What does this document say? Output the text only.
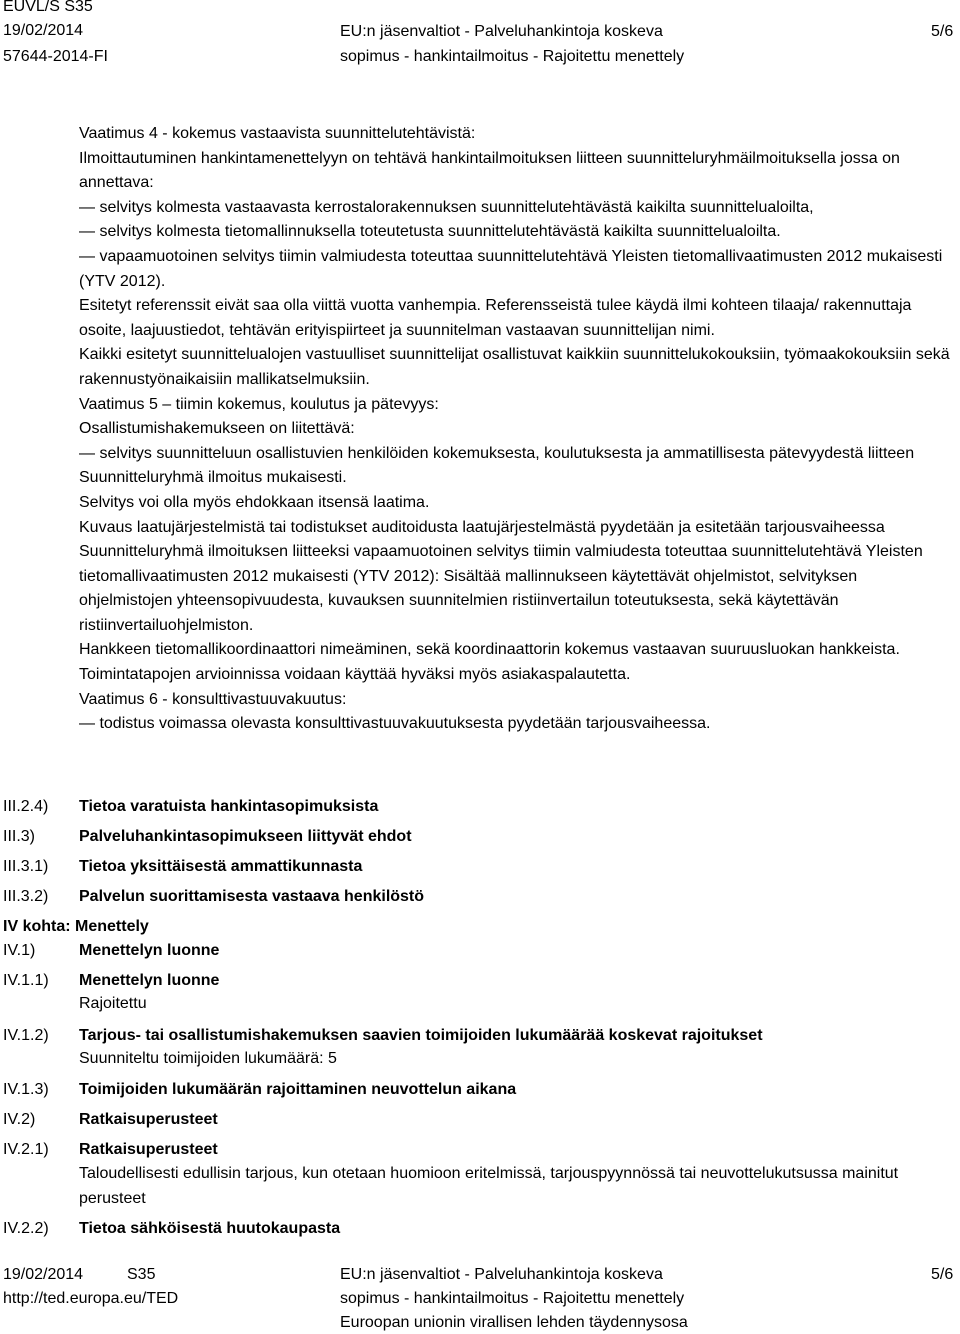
EUVL/S S35
19/02/2014
57644-2014-FI
EU:n jäsenvaltiot - Palveluhankintoja koskeva
sopimus - hankintailmoitus - Rajoitettu menettely
5/6

Vaatimus 4 - kokemus vastaavista suunnittelutehtävistä:

Ilmoittautuminen hankintamenettelyyn on tehtävä hankintailmoituksen liitteen suunnitteluryhmäilmoituksella jossa on annettava:

— selvitys kolmesta vastaavasta kerrostalorakennuksen suunnittelutehtävästä kaikilta suunnittelualoilta,

— selvitys kolmesta tietomallinnuksella toteutetusta suunnittelutehtävästä kaikilta suunnittelualoilta.

— vapaamuotoinen selvitys tiimin valmiudesta toteuttaa suunnittelutehtävä Yleisten tietomallivaatimusten 2012 mukaisesti (YTV 2012).

Esitetyt referenssit eivät saa olla viittä vuotta vanhempia. Referensseistä tulee käydä ilmi kohteen tilaaja/ rakennuttaja osoite, laajuustiedot, tehtävän erityispiirteet ja suunnitelman vastaavan suunnittelijan nimi.

Kaikki esitetyt suunnittelualojen vastuulliset suunnittelijat osallistuvat kaikkiin suunnittelukokouksiin, työmaakokouksiin sekä rakennustyönaikaisiin mallikatselmuksiin.

Vaatimus 5 – tiimin kokemus, koulutus ja pätevyys:

Osallistumishakemukseen on liitettävä:

— selvitys suunnitteluun osallistuvien henkilöiden kokemuksesta, koulutuksesta ja ammatillisesta pätevyydestä liitteen Suunnitteluryhmä ilmoitus mukaisesti.

Selvitys voi olla myös ehdokkaan itsensä laatima.

Kuvaus laatujärjestelmistä tai todistukset auditoidusta laatujärjestelmästä pyydetään ja esitetään tarjousvaiheessa

Suunnitteluryhmä ilmoituksen liitteeksi vapaamuotoinen selvitys tiimin valmiudesta toteuttaa suunnittelutehtävä Yleisten tietomallivaatimusten 2012 mukaisesti (YTV 2012): Sisältää mallinnukseen käytettävät ohjelmistot, selvityksen ohjelmistojen yhteensopivuudesta, kuvauksen suunnitelmien ristiinvertailun toteutuksesta, sekä käytettävän ristiinvertailuohjelmiston.

Hankkeen tietomallikoordinaattori nimeäminen, sekä koordinaattorin kokemus vastaavan suuruusluokan hankkeista.

Toimintatapojen arvioinnissa voidaan käyttää hyväksi myös asiakaspalautetta.

Vaatimus 6 - konsulttivastuuvakuutus:

— todistus voimassa olevasta konsulttivastuuvakuutuksesta pyydetään tarjousvaiheessa.

III.2.4) Tietoa varatuista hankintasopimuksista
III.3)	Palveluhankintasopimukseen liittyvät ehdot
III.3.1) Tietoa yksittäisestä ammattikunnasta
III.3.2) Palvelun suorittamisesta vastaava henkilöstö
IV kohta: Menettely
IV.1)	Menettelyn luonne
IV.1.1) Menettelyn luonne
Rajoitettu
IV.1.2) Tarjous- tai osallistumishakemuksen saavien toimijoiden lukumäärää koskevat rajoitukset
Suunniteltu toimijoiden lukumäärä: 5
IV.1.3) Toimijoiden lukumäärän rajoittaminen neuvottelun aikana
IV.2)	Ratkaisuperusteet
IV.2.1) Ratkaisuperusteet
Taloudellisesti edullisin tarjous, kun otetaan huomioon eritelmissä, tarjouspyynnössä tai neuvottelukutsussa mainitut perusteet
IV.2.2) Tietoa sähköisestä huutokaupasta
19/02/2014	S35
http://ted.europa.eu/TED
EU:n jäsenvaltiot - Palveluhankintoja koskeva
sopimus - hankintailmoitus - Rajoitettu menettely
Euroopan unionin virallisen lehden täydennysosa
5/6
